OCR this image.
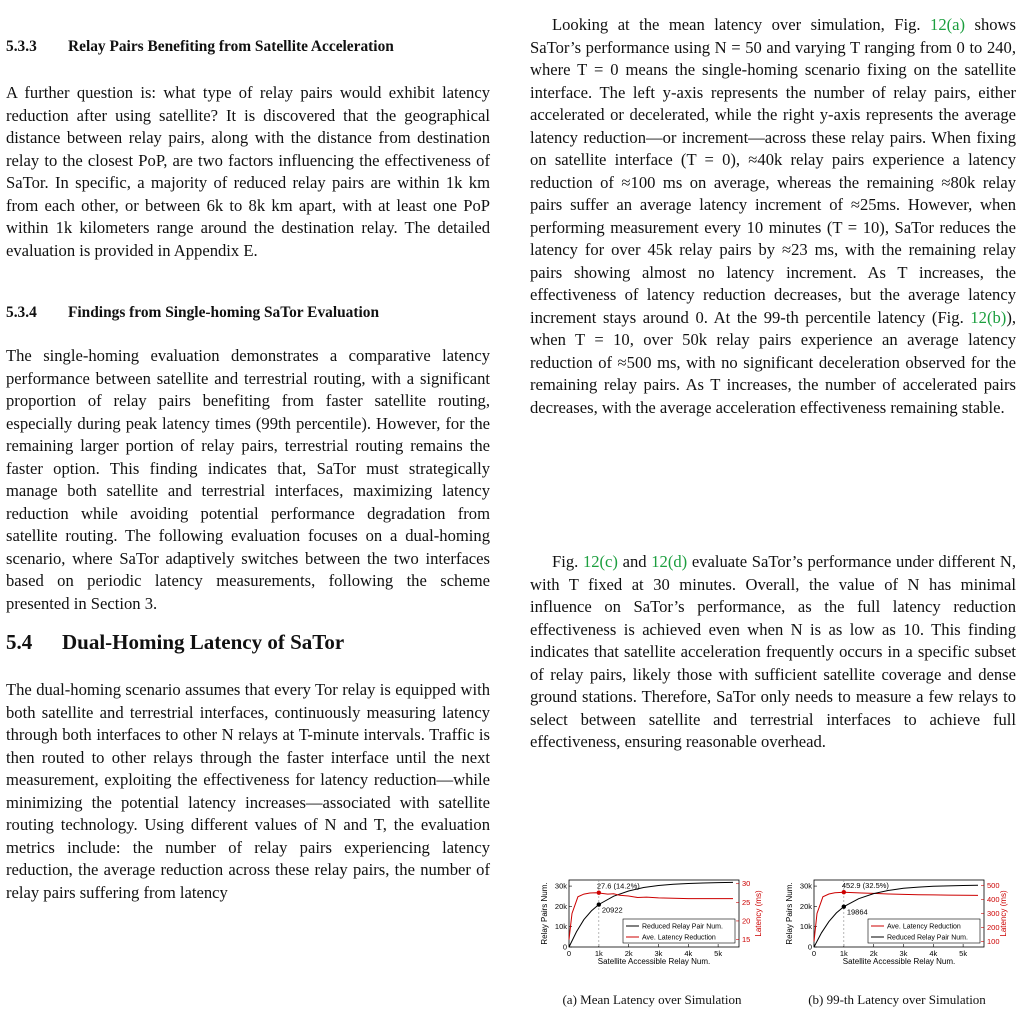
5.3.3 Relay Pairs Benefiting from Satellite Acceleration

A further question is: what type of relay pairs would exhibit latency reduction after using satellite? It is discovered that the geographical distance between relay pairs, along with the distance from destination relay to the closest PoP, are two factors influencing the effectiveness of SaTor. In specific, a majority of reduced relay pairs are within 1k km from each other, or between 6k to 8k km apart, with at least one PoP within 1k kilometers range around the destination relay. The detailed evaluation is provided in Appendix E.

5.3.4 Findings from Single-homing SaTor Evaluation

The single-homing evaluation demonstrates a comparative latency performance between satellite and terrestrial routing, with a significant proportion of relay pairs benefiting from faster satellite routing, especially during peak latency times (99th percentile). However, for the remaining larger portion of relay pairs, terrestrial routing remains the faster option. This finding indicates that, SaTor must strategically manage both satellite and terrestrial interfaces, maximizing latency reduction while avoiding potential performance degradation from satellite routing. The following evaluation focuses on a dual-homing scenario, where SaTor adaptively switches between the two interfaces based on periodic latency measurements, following the scheme presented in Section 3.

5.4 Dual-Homing Latency of SaTor

The dual-homing scenario assumes that every Tor relay is equipped with both satellite and terrestrial interfaces, continuously measuring latency through both interfaces to other N relays at T-minute intervals. Traffic is then routed to other relays through the faster interface until the next measurement, exploiting the effectiveness for latency reduction—while minimizing the potential latency increases—associated with satellite routing technology. Using different values of N and T, the evaluation metrics include: the number of relay pairs experiencing latency reduction, the average reduction across these relay pairs, the number of relay pairs suffering from latency

Looking at the mean latency over simulation, Fig. 12(a) shows SaTor’s performance using N = 50 and varying T ranging from 0 to 240, where T = 0 means the single-homing scenario fixing on the satellite interface. The left y-axis represents the number of relay pairs, either accelerated or decelerated, while the right y-axis represents the average latency reduction—or increment—across these relay pairs. When fixing on satellite interface (T = 0), ≈40k relay pairs experience a latency reduction of ≈100 ms on average, whereas the remaining ≈80k relay pairs suffer an average latency increment of ≈25ms. However, when performing measurement every 10 minutes (T = 10), SaTor reduces the latency for over 45k relay pairs by ≈23 ms, with the remaining relay pairs showing almost no latency increment. As T increases, the effectiveness of latency reduction decreases, but the average latency increment stays around 0. At the 99-th percentile latency (Fig. 12(b)), when T = 10, over 50k relay pairs experience an average latency reduction of ≈500 ms, with no significant deceleration observed for the remaining relay pairs. As T increases, the number of accelerated pairs decreases, with the average acceleration effectiveness remaining stable.

Fig. 12(c) and 12(d) evaluate SaTor’s performance under different N, with T fixed at 30 minutes. Overall, the value of N has minimal influence on SaTor’s performance, as the full latency reduction effectiveness is achieved even when N is as low as 10. This finding indicates that satellite acceleration frequently occurs in a specific subset of relay pairs, likely those with sufficient satellite coverage and dense ground stations. Therefore, SaTor only needs to measure a few relays to select between satellite and terrestrial interfaces to achieve full effectiveness, ensuring reasonable overhead.

0	1k	2k	3k	4k	5k
0
10k
20k
30k
15
20
25
30
Satellite Accessible Relay Num.
Relay Pairs Num.	Latency (ms)
27.6 (14.2%)
20922
Reduced Relay Pair Num.
Ave. Latency Reduction
(a) Mean Latency over Simulation
0	1k	2k	3k	4k	5k
0
10k
20k
30k
100
200
300
400
500
Satellite Accessible Relay Num.
Relay Pairs Num.	Latency (ms)
452.9 (32.5%)
19864
Ave. Latency Reduction
Reduced Relay Pair Num.
(b) 99-th Latency over Simulation
